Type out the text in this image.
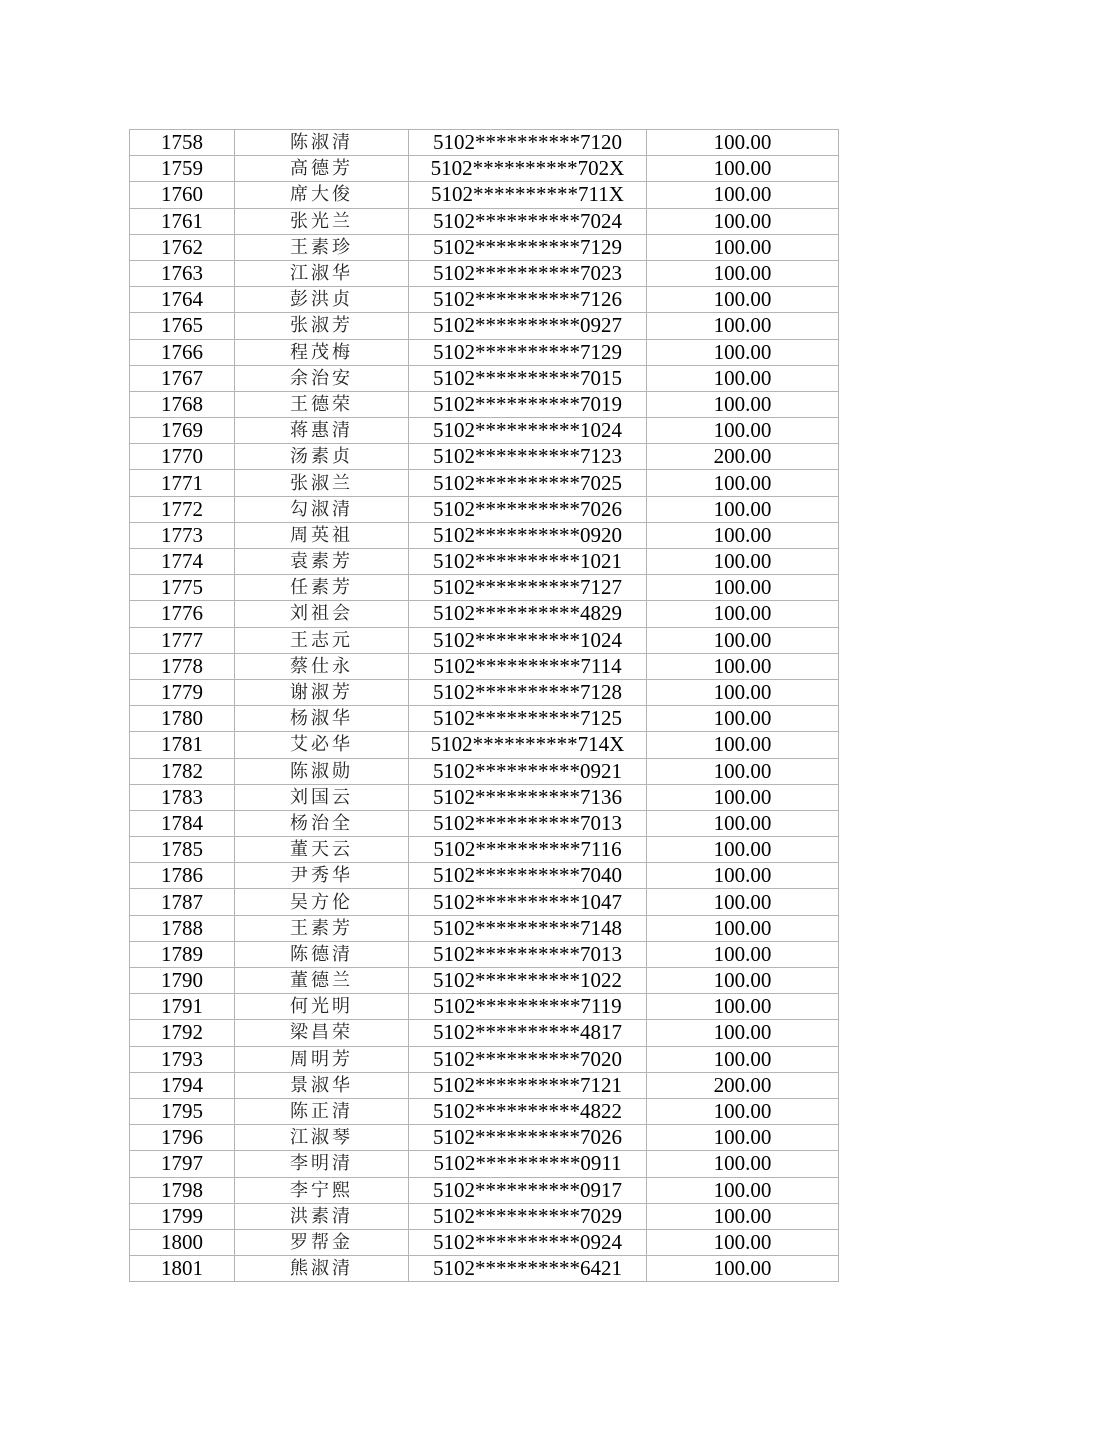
1758	陈淑清	5102**********7120	100.00
1759	高德芳	5102**********702X	100.00
1760	席大俊	5102**********711X	100.00
1761	张光兰	5102**********7024	100.00
1762	王素珍	5102**********7129	100.00
1763	江淑华	5102**********7023	100.00
1764	彭洪贞	5102**********7126	100.00
1765	张淑芳	5102**********0927	100.00
1766	程茂梅	5102**********7129	100.00
1767	余治安	5102**********7015	100.00
1768	王德荣	5102**********7019	100.00
1769	蒋惠清	5102**********1024	100.00
1770	汤素贞	5102**********7123	200.00
1771	张淑兰	5102**********7025	100.00
1772	勾淑清	5102**********7026	100.00
1773	周英祖	5102**********0920	100.00
1774	袁素芳	5102**********1021	100.00
1775	任素芳	5102**********7127	100.00
1776	刘祖会	5102**********4829	100.00
1777	王志元	5102**********1024	100.00
1778	蔡仕永	5102**********7114	100.00
1779	谢淑芳	5102**********7128	100.00
1780	杨淑华	5102**********7125	100.00
1781	艾必华	5102**********714X	100.00
1782	陈淑勋	5102**********0921	100.00
1783	刘国云	5102**********7136	100.00
1784	杨治全	5102**********7013	100.00
1785	董天云	5102**********7116	100.00
1786	尹秀华	5102**********7040	100.00
1787	吴方伦	5102**********1047	100.00
1788	王素芳	5102**********7148	100.00
1789	陈德清	5102**********7013	100.00
1790	董德兰	5102**********1022	100.00
1791	何光明	5102**********7119	100.00
1792	梁昌荣	5102**********4817	100.00
1793	周明芳	5102**********7020	100.00
1794	景淑华	5102**********7121	200.00
1795	陈正清	5102**********4822	100.00
1796	江淑琴	5102**********7026	100.00
1797	李明清	5102**********0911	100.00
1798	李宁熙	5102**********0917	100.00
1799	洪素清	5102**********7029	100.00
1800	罗帮金	5102**********0924	100.00
1801	熊淑清	5102**********6421	100.00
